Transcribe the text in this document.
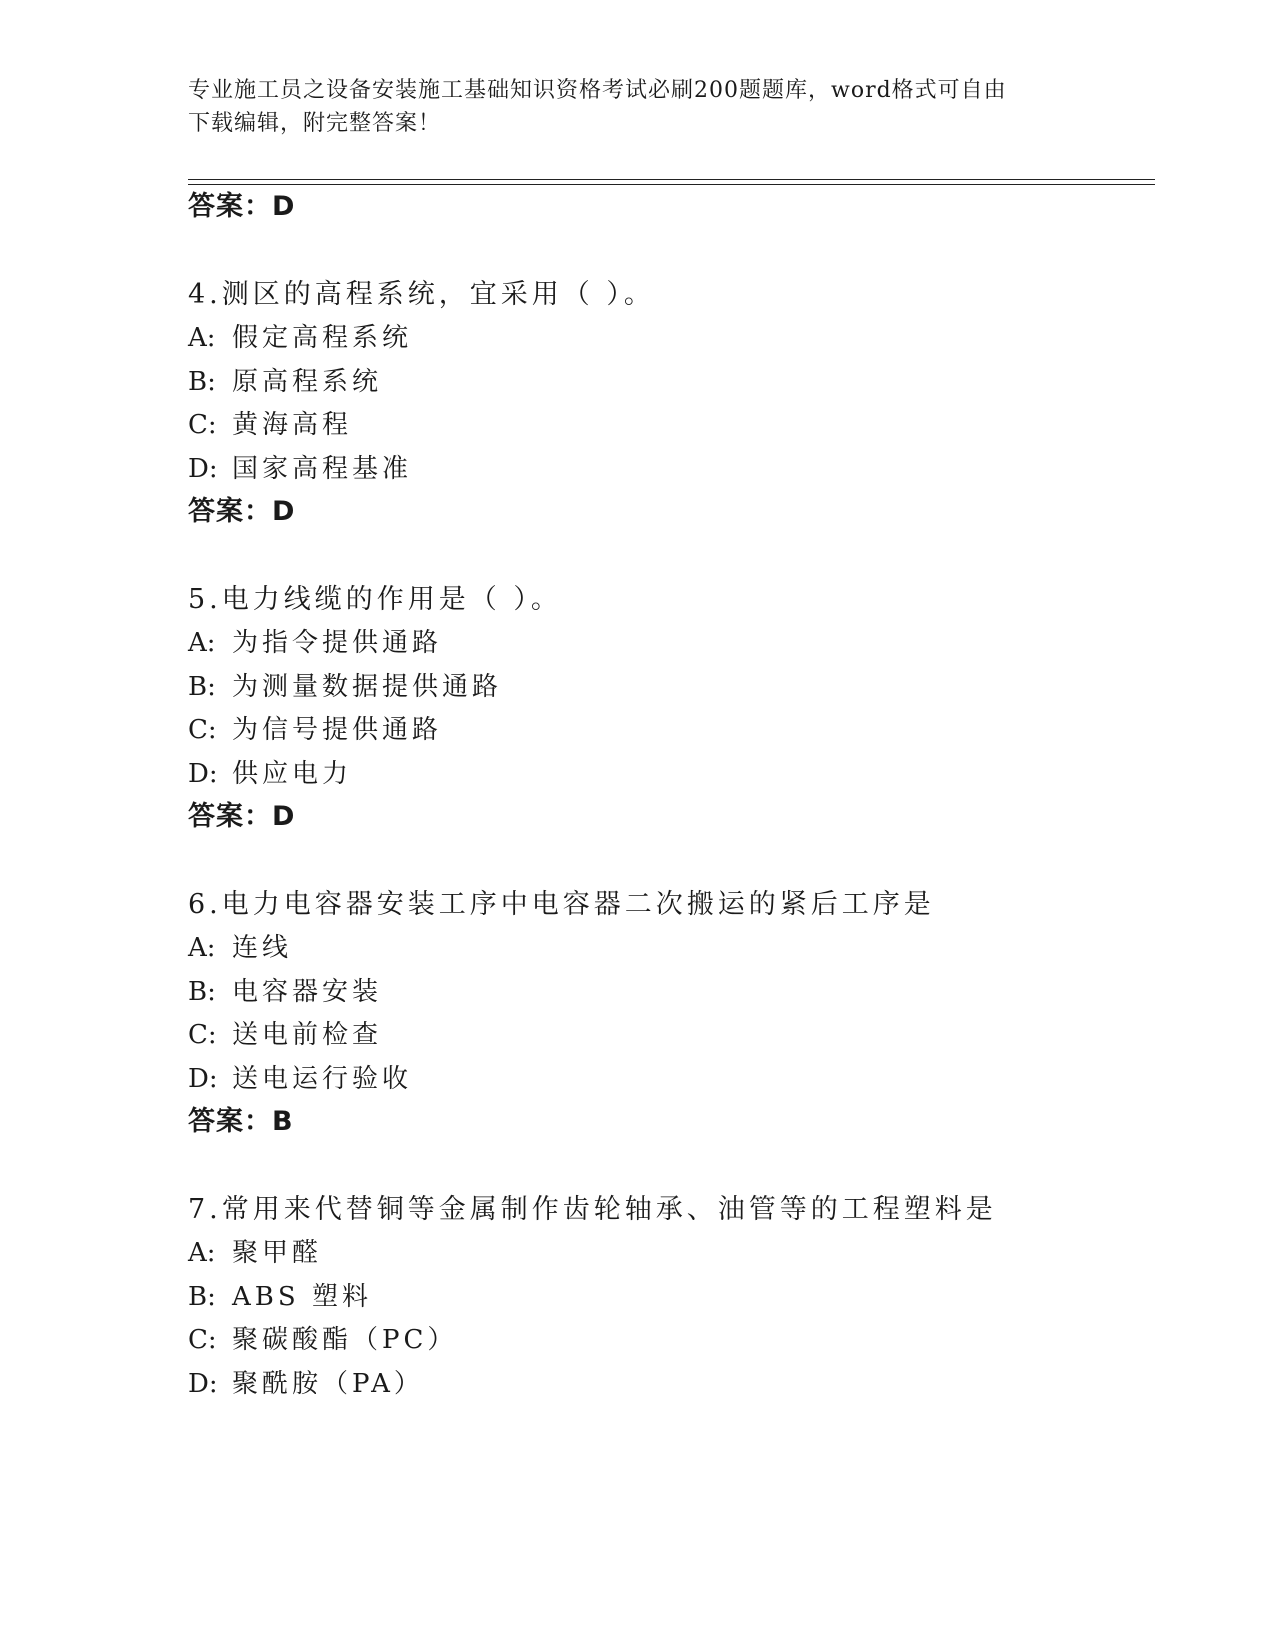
专业施工员之设备安装施工基础知识资格考试必刷200题题库，word格式可自由
下载编辑，附完整答案！
答案：D
4.测区的高程系统，宜采用（ ）。
A: 假定高程系统
B: 原高程系统
C: 黄海高程
D: 国家高程基准
答案：D
5.电力线缆的作用是（ ）。
A: 为指令提供通路
B: 为测量数据提供通路
C: 为信号提供通路
D: 供应电力
答案：D
6.电力电容器安装工序中电容器二次搬运的紧后工序是
A: 连线
B: 电容器安装
C: 送电前检查
D: 送电运行验收
答案：B
7.常用来代替铜等金属制作齿轮轴承、油管等的工程塑料是
A: 聚甲醛
B: ABS 塑料
C: 聚碳酸酯（PC）
D: 聚酰胺（PA）
